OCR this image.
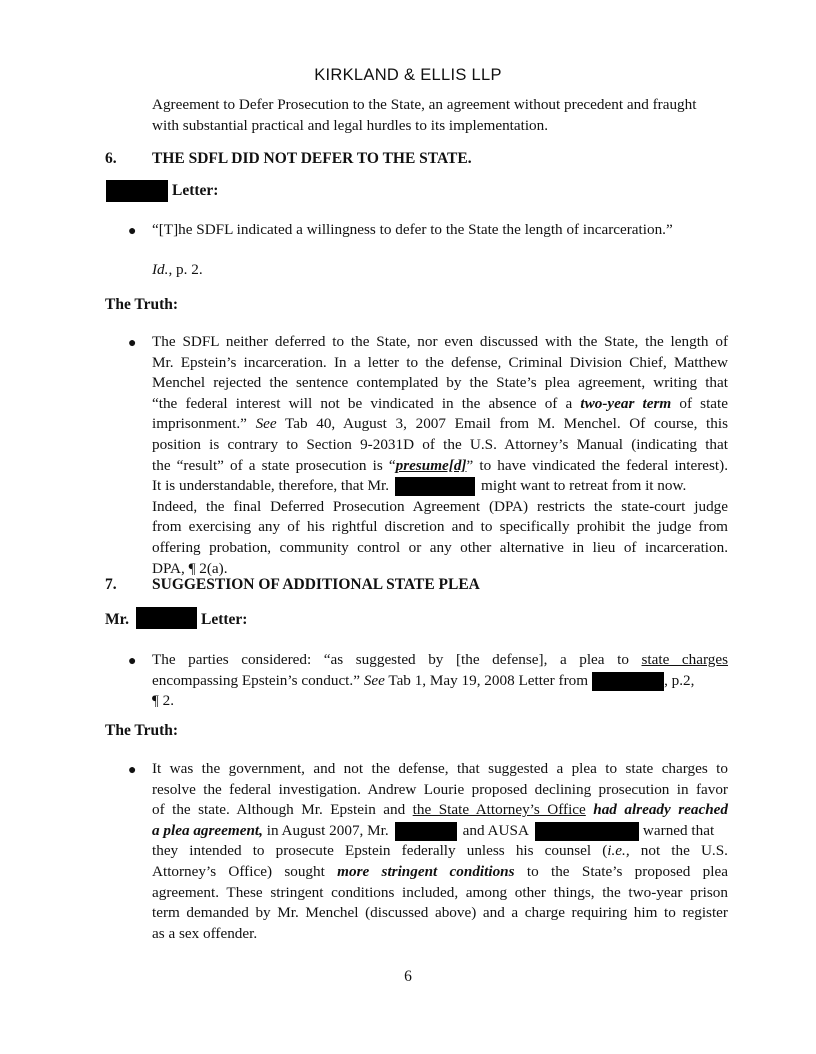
KIRKLAND & ELLIS LLP
Agreement to Defer Prosecution to the State, an agreement without precedent and fraught
with substantial practical and legal hurdles to its implementation.
6. THE SDFL DID NOT DEFER TO THE STATE.
Letter:
● “[T]he SDFL indicated a willingness to defer to the State the length of incarceration.”
Id., p. 2.
The Truth:
● The SDFL neither deferred to the State, nor even discussed with the State, the length of
Mr. Epstein’s incarceration. In a letter to the defense, Criminal Division Chief, Matthew
Menchel rejected the sentence contemplated by the State’s plea agreement, writing that
“the federal interest will not be vindicated in the absence of a two-year term of state
imprisonment.” See Tab 40, August 3, 2007 Email from M. Menchel. Of course, this
position is contrary to Section 9-2031D of the U.S. Attorney’s Manual (indicating that
the “result” of a state prosecution is “presume[d]” to have vindicated the federal interest).
It is understandable, therefore, that Mr.	might want to retreat from it now.
Indeed, the final Deferred Prosecution Agreement (DPA) restricts the state-court judge
from exercising any of his rightful discretion and to specifically prohibit the judge from
offering probation, community control or any other alternative in lieu of incarceration.
DPA, ¶ 2(a).
7. SUGGESTION OF ADDITIONAL STATE PLEA
Mr.	Letter:
● The parties considered: “as suggested by [the defense], a plea to state charges
encompassing Epstein’s conduct.” See Tab 1, May 19, 2008 Letter from	, p.2,
¶ 2.
The Truth:
● It was the government, and not the defense, that suggested a plea to state charges to
resolve the federal investigation. Andrew Lourie proposed declining prosecution in favor
of the state. Although Mr. Epstein and the State Attorney’s Office had already reached
a plea agreement, in August 2007, Mr.	and AUSA	warned that
they intended to prosecute Epstein federally unless his counsel (i.e., not the U.S.
Attorney’s Office) sought more stringent conditions to the State’s proposed plea
agreement. These stringent conditions included, among other things, the two-year prison
term demanded by Mr. Menchel (discussed above) and a charge requiring him to register
as a sex offender.
6
